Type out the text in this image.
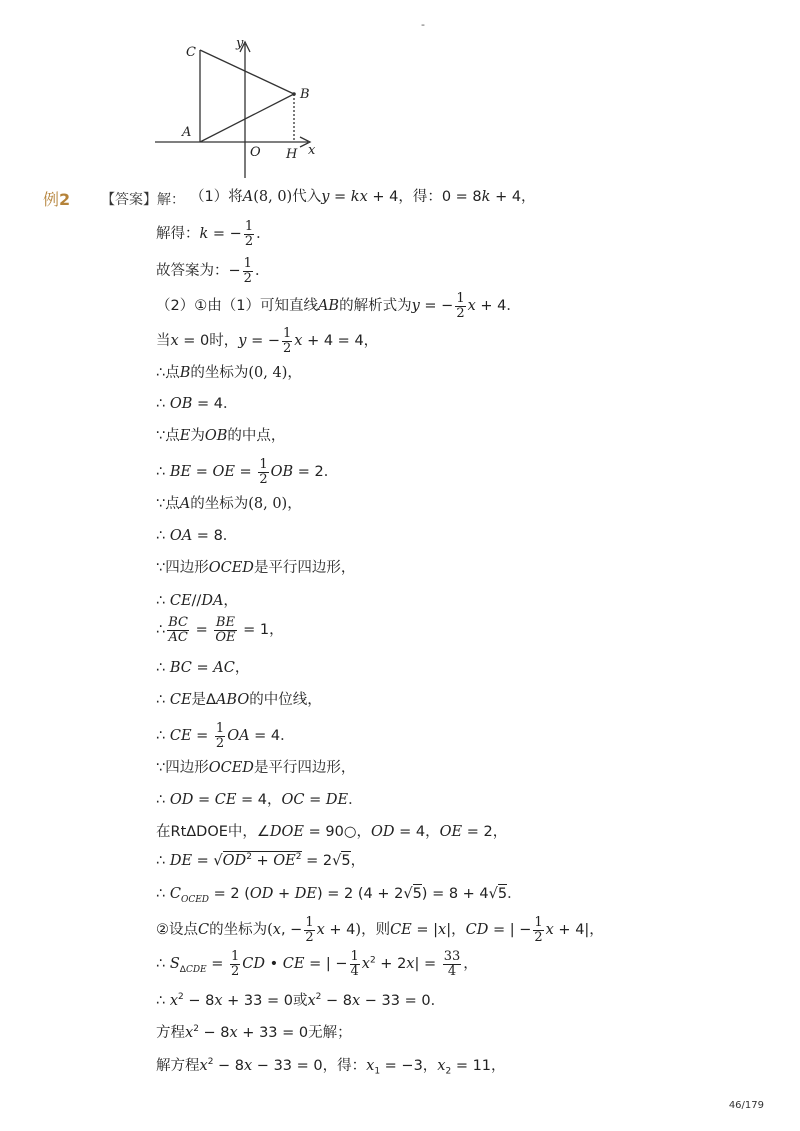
-
C
y
B
A
O H x
例2 【答案】解： （1）将A(8, 0)代入y = kx + 4，得：0 = 8k + 4，
解得：k = − $\frac{1}{2}$ ．
故答案为：− $\frac{1}{2}$ ．
（2）①由（1）可知直线AB的解析式为y = − $\frac{1}{2}$ x + 4．
当x = 0时，y = − $\frac{1}{2}$ x + 4 = 4，
∴点B的坐标为(0, 4)，
∴ OB = 4．
∵点E为OB的中点，
∴ BE = OE = $\frac{1}{2}$ OB = 2．
∵点A的坐标为(8, 0)，
∴ OA = 8．
∵四边形OCED是平行四边形，
∴ CE//DA，
∴ $\frac{BC}{AC} = \frac{BE}{OE} = 1$，
∴ BC = AC，
∴ CE是ΔABO的中位线，
∴ CE = $\frac{1}{2}$ OA = 4．
∵四边形OCED是平行四边形，
∴ OD = CE = 4，OC = DE．
在RtΔDOE中，∠DOE = 90○，OD = 4，OE = 2，
∴ DE = $√OD^2 + OE^2 = 2√5$，
∴ $C_{OCED} = 2$ (OD + DE) = 2 (4 + 2√5) = 8 + 4√5．
②设点C的坐标为(x, − $\frac{1}{2}$ x + 4)，则CE = |x|，CD = | − $\frac{1}{2}$ x + 4|，
∴ $S_{\Delta CDE} = \frac{1}{2}$ CD • CE = | − $\frac{1}{4} x^2 + 2x| = \frac{33}{4}$ ，
∴ $x^2 - 8x + 33 = 0$或$x^2 - 8x - 33 = 0$．
方程$x^2 - 8x + 33 = 0$无解；
解方程$x^2 - 8x - 33 = 0$，得：$x_1 = -3$，$x_2 = 11$，
46/179
